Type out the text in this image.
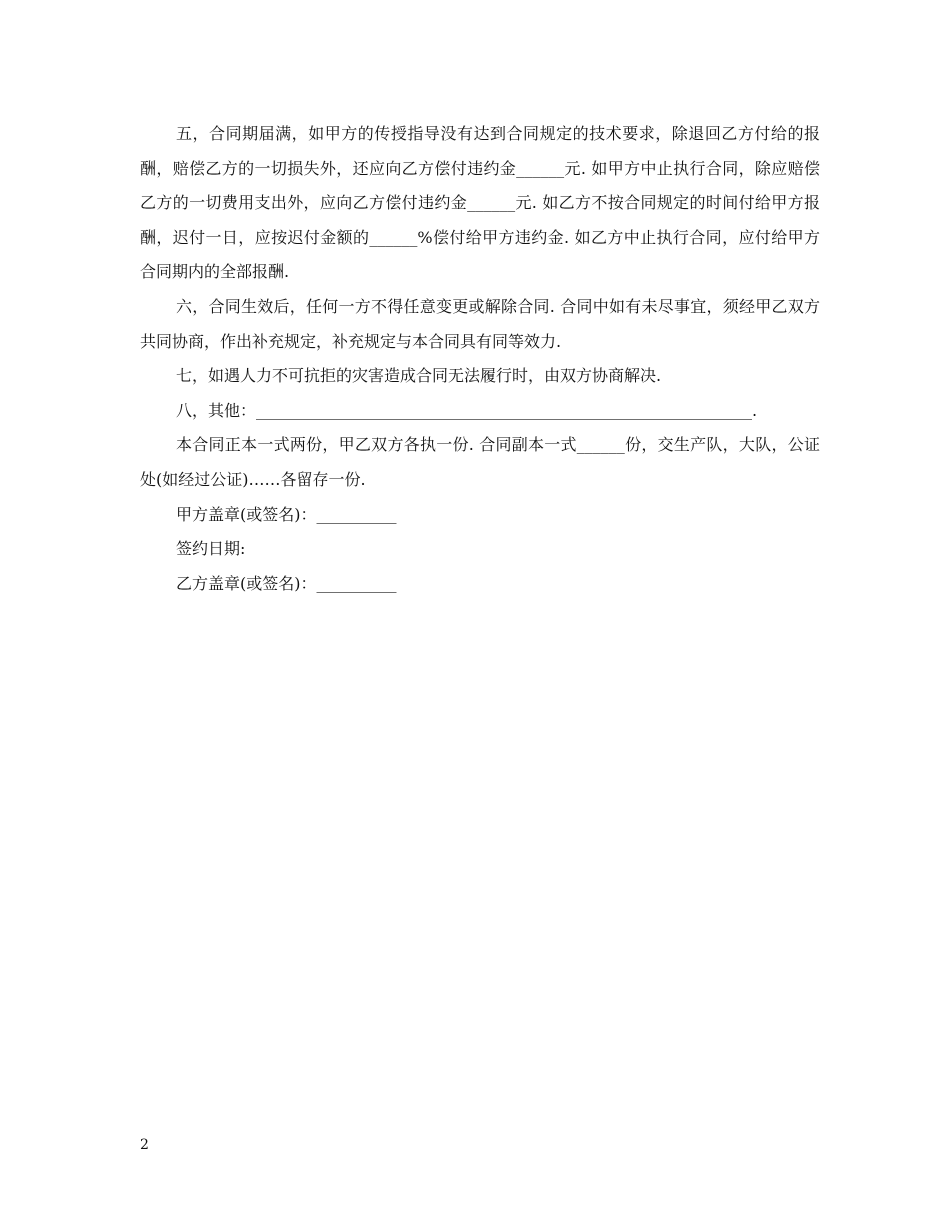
五，合同期届满，如甲方的传授指导没有达到合同规定的技术要求，除退回乙方付给的报酬，赔偿乙方的一切损失外，还应向乙方偿付违约金______元. 如甲方中止执行合同，除应赔偿乙方的一切费用支出外，应向乙方偿付违约金______元. 如乙方不按合同规定的时间付给甲方报酬，迟付一日，应按迟付金额的______%偿付给甲方违约金. 如乙方中止执行合同，应付给甲方合同期内的全部报酬.

六，合同生效后，任何一方不得任意变更或解除合同. 合同中如有未尽事宜，须经甲乙双方共同协商，作出补充规定，补充规定与本合同具有同等效力.

七，如遇人力不可抗拒的灾害造成合同无法履行时，由双方协商解决.

八，其他：______________________________________________________________.

本合同正本一式两份，甲乙双方各执一份. 合同副本一式______份，交生产队，大队，公证处(如经过公证)……各留存一份.

甲方盖章(或签名)：__________

签约日期:

乙方盖章(或签名)：__________

2
